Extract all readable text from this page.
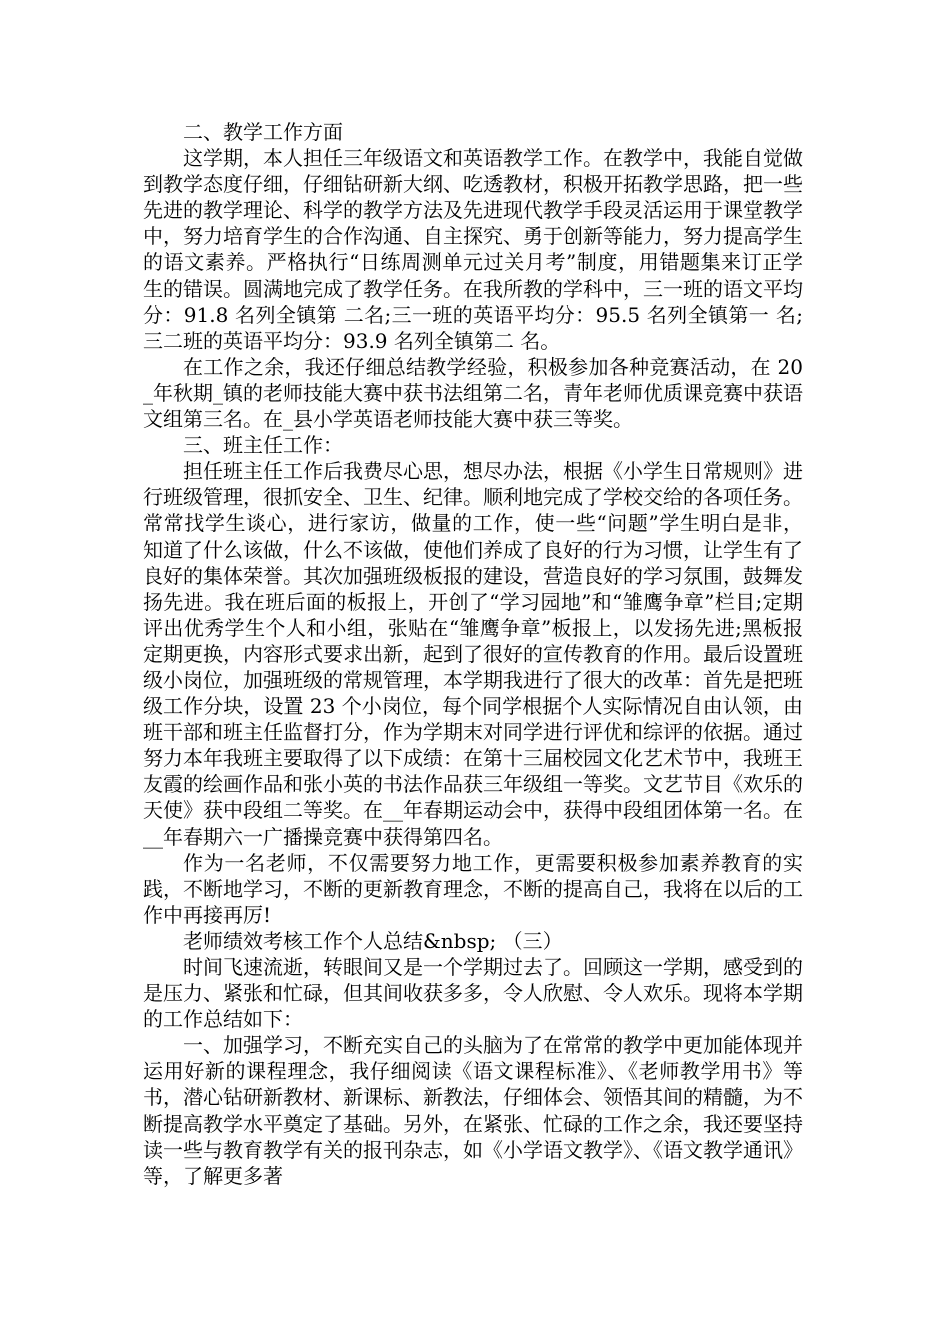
二、教学工作方面

这学期，本人担任三年级语文和英语教学工作。在教学中，我能自觉做到教学态度仔细，仔细钻研新大纲、吃透教材，积极开拓教学思路，把一些先进的教学理论、科学的教学方法及先进现代教学手段灵活运用于课堂教学中，努力培育学生的合作沟通、自主探究、勇于创新等能力，努力提高学生的语文素养。严格执行“日练周测单元过关月考”制度，用错题集来订正学生的错误。圆满地完成了教学任务。在我所教的学科中，三一班的语文平均分：91.8 名列全镇第 二名;三一班的英语平均分：95.5 名列全镇第一 名;三二班的英语平均分：93.9 名列全镇第二 名。

在工作之余，我还仔细总结教学经验，积极参加各种竞赛活动，在 20_年秋期_镇的老师技能大赛中获书法组第二名，青年老师优质课竞赛中获语文组第三名。在_县小学英语老师技能大赛中获三等奖。

三、班主任工作：

担任班主任工作后我费尽心思，想尽办法，根据《小学生日常规则》进行班级管理，很抓安全、卫生、纪律。顺利地完成了学校交给的各项任务。常常找学生谈心，进行家访，做量的工作，使一些“问题”学生明白是非，知道了什么该做，什么不该做，使他们养成了良好的行为习惯，让学生有了良好的集体荣誉。其次加强班级板报的建设，营造良好的学习氛围，鼓舞发扬先进。我在班后面的板报上，开创了“学习园地”和“雏鹰争章”栏目;定期评出优秀学生个人和小组，张贴在“雏鹰争章”板报上，以发扬先进;黑板报定期更换，内容形式要求出新，起到了很好的宣传教育的作用。最后设置班级小岗位，加强班级的常规管理，本学期我进行了很大的改革：首先是把班级工作分块，设置 23 个小岗位，每个同学根据个人实际情况自由认领，由班干部和班主任监督打分，作为学期末对同学进行评优和综评的依据。通过努力本年我班主要取得了以下成绩：在第十三届校园文化艺术节中，我班王友霞的绘画作品和张小英的书法作品获三年级组一等奖。文艺节目《欢乐的天使》获中段组二等奖。在__年春期运动会中，获得中段组团体第一名。在__年春期六一广播操竞赛中获得第四名。

作为一名老师，不仅需要努力地工作，更需要积极参加素养教育的实践，不断地学习，不断的更新教育理念，不断的提高自己，我将在以后的工作中再接再厉!

老师绩效考核工作个人总结&nbsp; （三）

时间飞速流逝，转眼间又是一个学期过去了。回顾这一学期，感受到的是压力、紧张和忙碌，但其间收获多多，令人欣慰、令人欢乐。现将本学期的工作总结如下：

一、加强学习，不断充实自己的头脑为了在常常的教学中更加能体现并运用好新的课程理念，我仔细阅读《语文课程标准》、《老师教学用书》等书，潜心钻研新教材、新课标、新教法，仔细体会、领悟其间的精髓，为不断提高教学水平奠定了基础。另外，在紧张、忙碌的工作之余，我还要坚持读一些与教育教学有关的报刊杂志，如《小学语文教学》、《语文教学通讯》等，了解更多著
